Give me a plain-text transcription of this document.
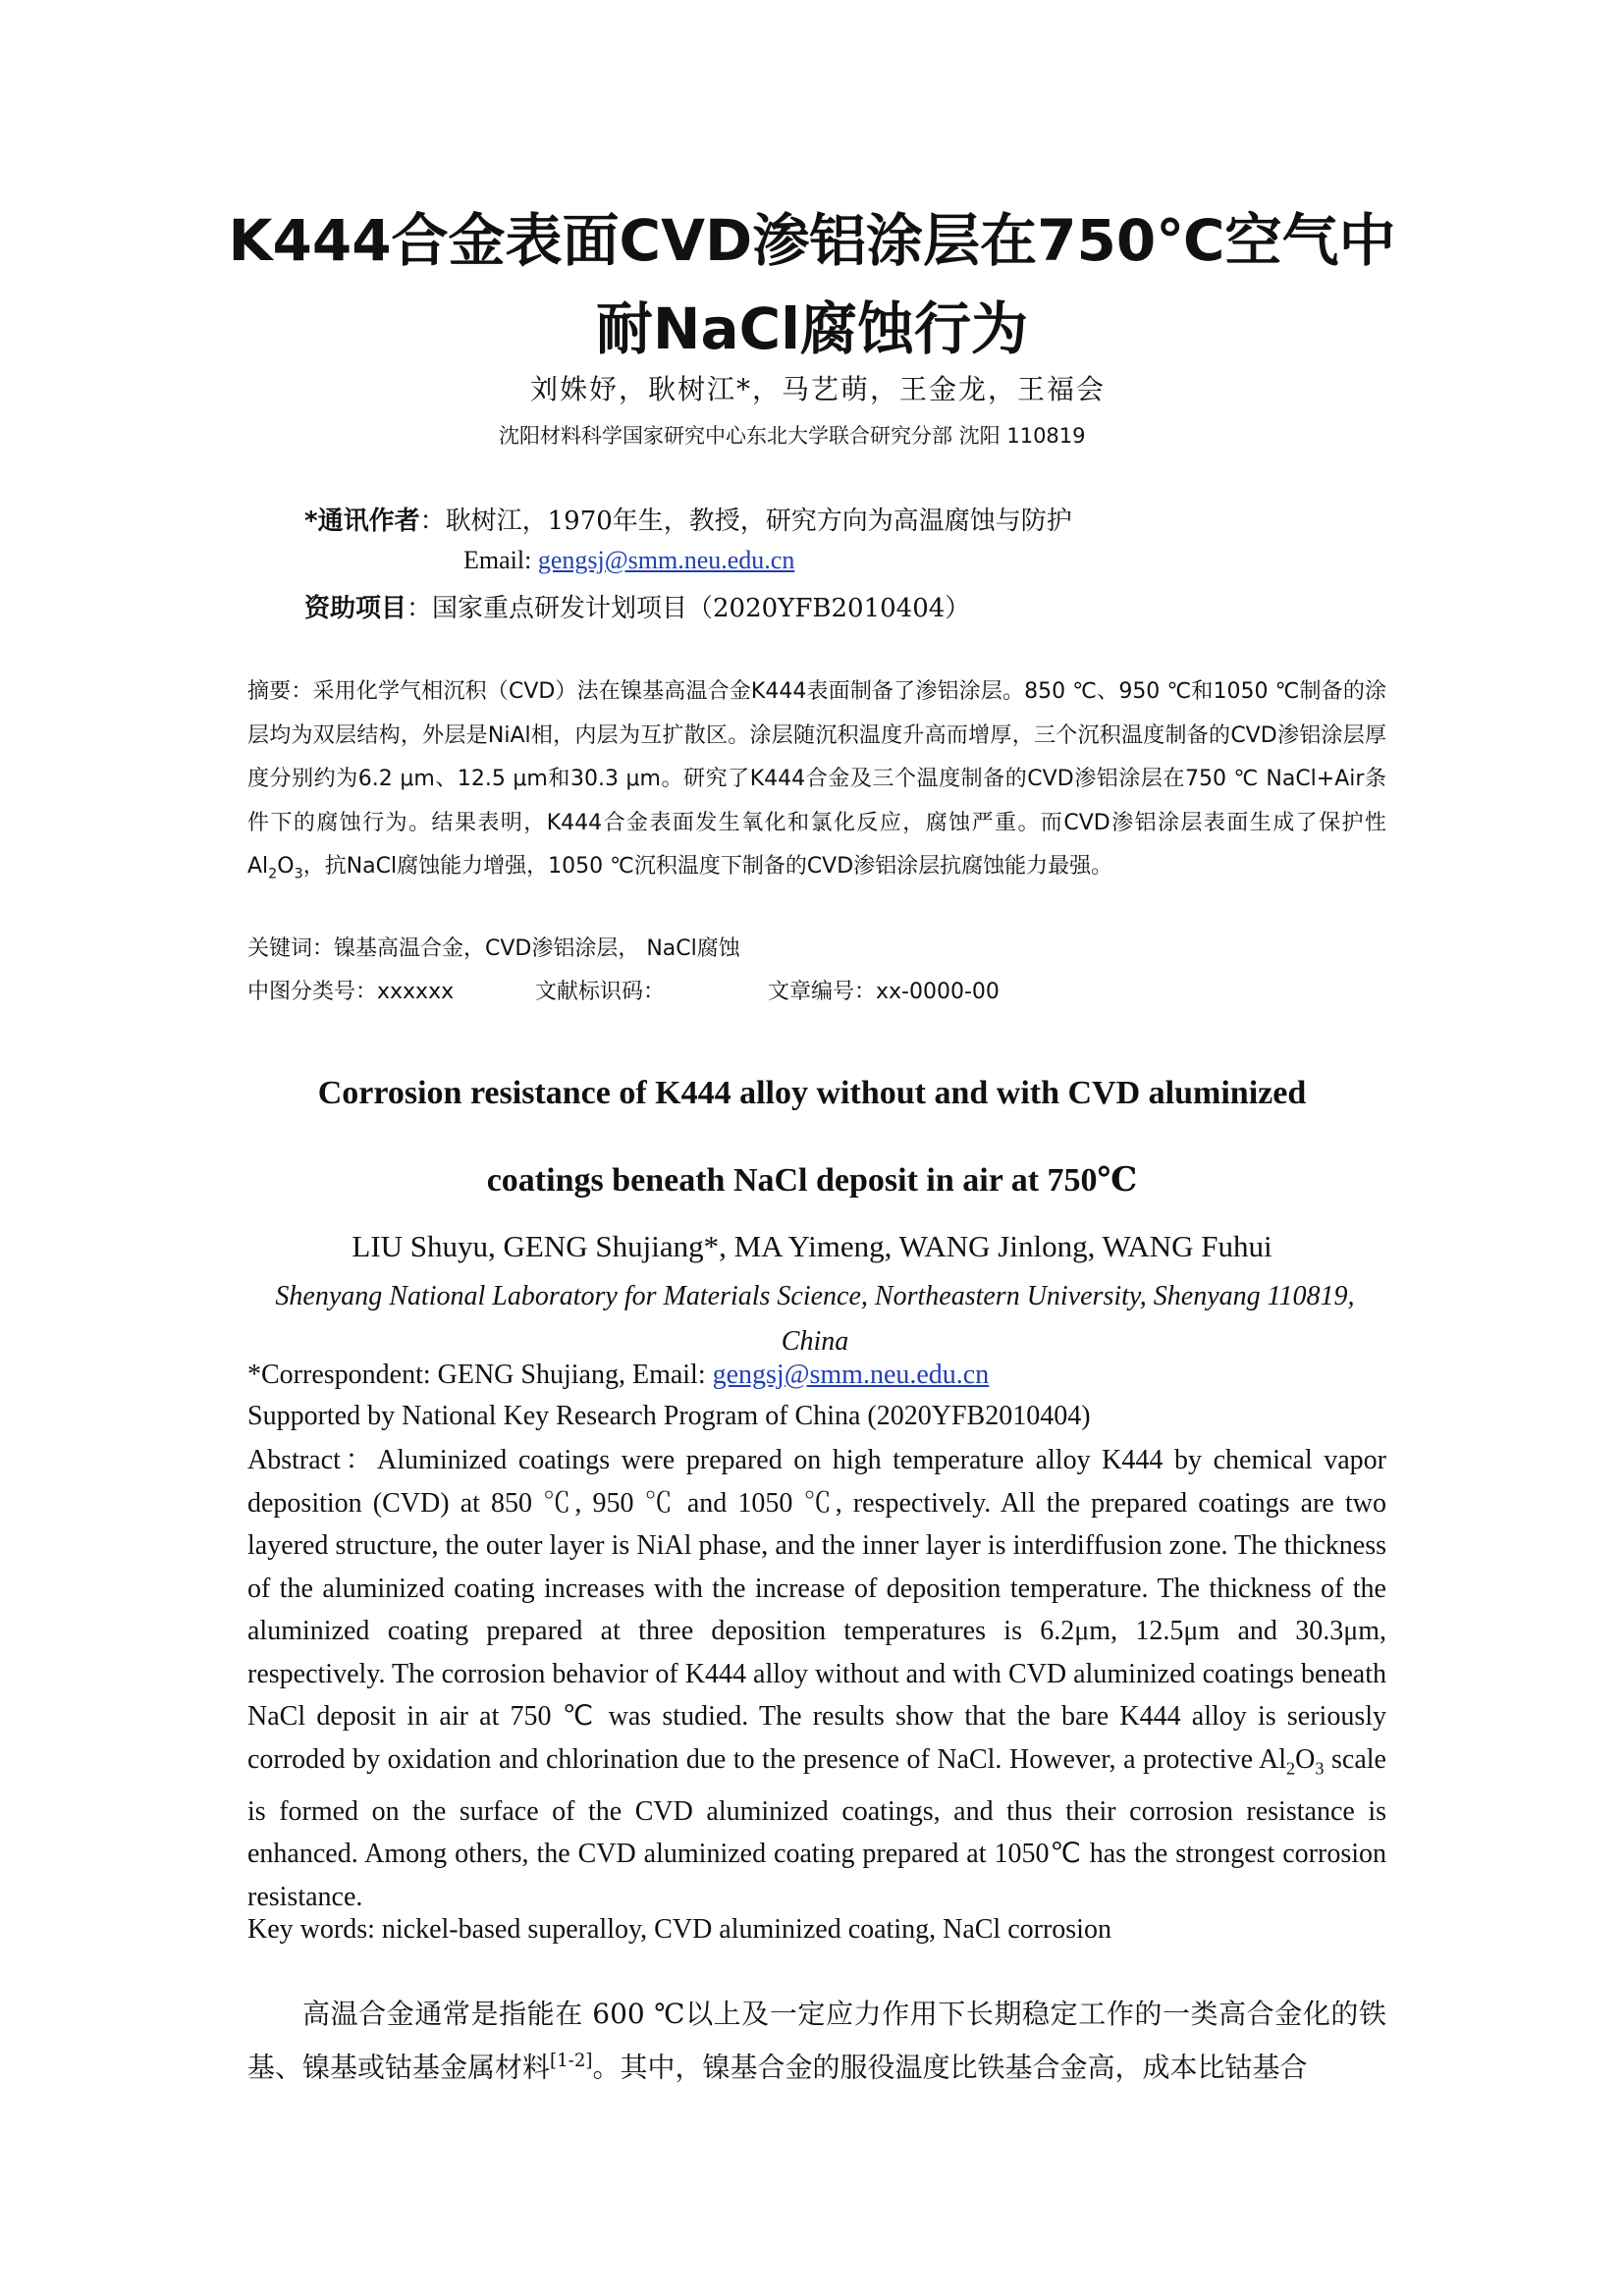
K444合金表面CVD渗铝涂层在750℃空气中
耐NaCl腐蚀行为
刘姝妤，耿树江*，马艺萌，王金龙，王福会
沈阳材料科学国家研究中心东北大学联合研究分部 沈阳 110819
*通讯作者：耿树江，1970年生，教授，研究方向为高温腐蚀与防护
Email: gengsj@smm.neu.edu.cn
资助项目：国家重点研发计划项目（2020YFB2010404）
摘要：采用化学气相沉积（CVD）法在镍基高温合金K444表面制备了渗铝涂层。850 ℃、950 ℃和1050 ℃制备的涂层均为双层结构，外层是NiAl相，内层为互扩散区。涂层随沉积温度升高而增厚，三个沉积温度制备的CVD渗铝涂层厚度分别约为6.2 μm、12.5 μm和30.3 μm。研究了K444合金及三个温度制备的CVD渗铝涂层在750 ℃ NaCl+Air条件下的腐蚀行为。结果表明，K444合金表面发生氧化和氯化反应，腐蚀严重。而CVD渗铝涂层表面生成了保护性$Al_2O_3$，抗NaCl腐蚀能力增强，1050 ℃沉积温度下制备的CVD渗铝涂层抗腐蚀能力最强。
关键词：镍基高温合金，CVD渗铝涂层， NaCl腐蚀
中图分类号：xxxxxx	文献标识码：	文章编号：xx-0000-00
Corrosion resistance of K444 alloy without and with CVD aluminized
coatings beneath NaCl deposit in air at 750℃
LIU Shuyu, GENG Shujiang*, MA Yimeng, WANG Jinlong, WANG Fuhui
Shenyang National Laboratory for Materials Science, Northeastern University, Shenyang 110819, China
*Correspondent: GENG Shujiang, Email: gengsj@smm.neu.edu.cn
Supported by National Key Research Program of China (2020YFB2010404)
Abstract：Aluminized coatings were prepared on high temperature alloy K444 by chemical vapor deposition (CVD) at 850 ℃, 950 ℃ and 1050 ℃, respectively. All the prepared coatings are two layered structure, the outer layer is NiAl phase, and the inner layer is interdiffusion zone. The thickness of the aluminized coating increases with the increase of deposition temperature. The thickness of the aluminized coating prepared at three deposition temperatures is 6.2μm, 12.5μm and 30.3μm, respectively. The corrosion behavior of K444 alloy without and with CVD aluminized coatings beneath NaCl deposit in air at 750 ℃ was studied. The results show that the bare K444 alloy is seriously corroded by oxidation and chlorination due to the presence of NaCl. However, a protective $Al_2O_3$ scale is formed on the surface of the CVD aluminized coatings, and thus their corrosion resistance is enhanced. Among others, the CVD aluminized coating prepared at 1050℃ has the strongest corrosion resistance.
Key words: nickel-based superalloy, CVD aluminized coating, NaCl corrosion
高温合金通常是指能在 600 ℃以上及一定应力作用下长期稳定工作的一类高合金化的铁基、镍基或钴基金属材料[1-2]。其中，镍基合金的服役温度比铁基合金高，成本比钴基合
